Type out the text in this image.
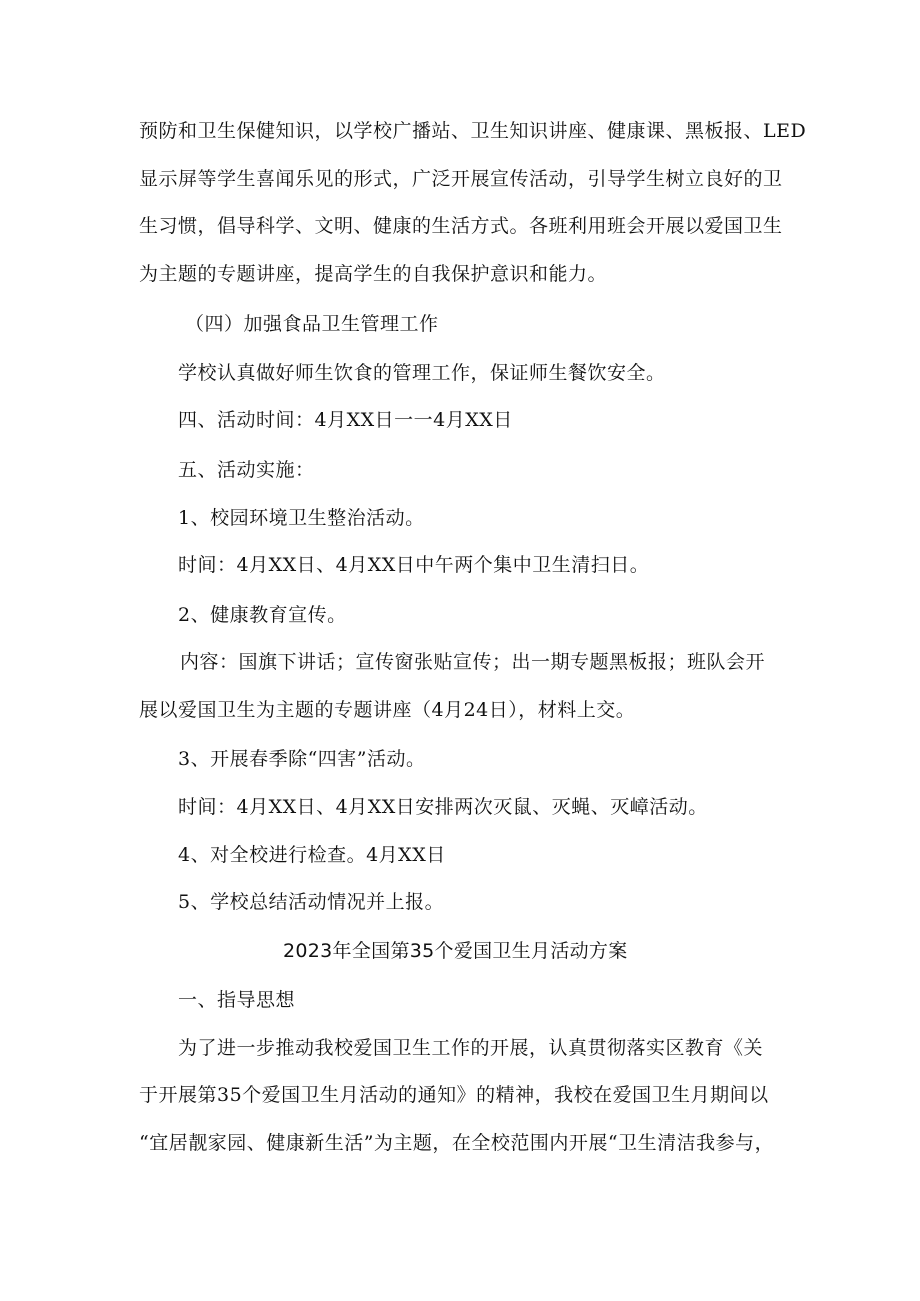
预防和卫生保健知识，以学校广播站、卫生知识讲座、健康课、黑板报、LED
显示屏等学生喜闻乐见的形式，广泛开展宣传活动，引导学生树立良好的卫
生习惯，倡导科学、文明、健康的生活方式。各班利用班会开展以爱国卫生
为主题的专题讲座，提高学生的自我保护意识和能力。
（四）加强食品卫生管理工作
学校认真做好师生饮食的管理工作，保证师生餐饮安全。
四、活动时间：4月XX日一一4月XX日
五、活动实施：
1、校园环境卫生整治活动。
时间：4月XX日、4月XX日中午两个集中卫生清扫日。
2、健康教育宣传。
内容：国旗下讲话；宣传窗张贴宣传；出一期专题黑板报；班队会开
展以爱国卫生为主题的专题讲座（4月24日），材料上交。
3、开展春季除“四害”活动。
时间：4月XX日、4月XX日安排两次灭鼠、灭蝇、灭嶂活动。
4、对全校进行检查。4月XX日
5、学校总结活动情况并上报。
2023年全国第35个爱国卫生月活动方案
一、指导思想
为了进一步推动我校爱国卫生工作的开展，认真贯彻落实区教育《关
于开展第35个爱国卫生月活动的通知》的精神，我校在爱国卫生月期间以
“宜居靓家园、健康新生活”为主题，在全校范围内开展“卫生清洁我参与，
